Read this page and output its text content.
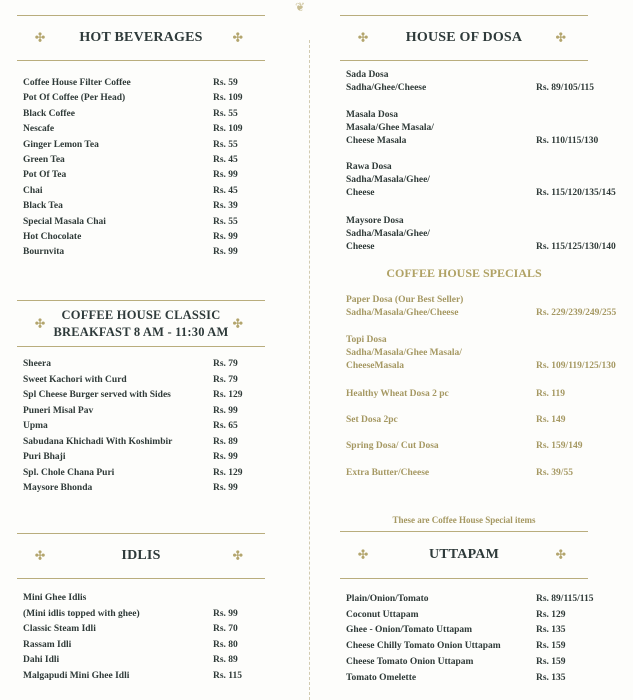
❦
✣ HOT BEVERAGES	✣
Coffee House Filter Coffee	Rs. 59
Pot Of Coffee (Per Head)	Rs. 109
Black Coffee	Rs. 55
Nescafe	Rs. 109
Ginger Lemon Tea	Rs. 55
Green Tea	Rs. 45
Pot Of Tea	Rs. 99
Chai	Rs. 45
Black Tea	Rs. 39
Special Masala Chai	Rs. 55
Hot Chocolate	Rs. 99
Bournvita	Rs. 99
✣
COFFEE HOUSE CLASSIC
BREAKFAST 8 AM - 11:30 AM
✣
Sheera	Rs. 79
Sweet Kachori with Curd	Rs. 79
Spl Cheese Burger served with Sides	Rs. 129
Puneri Misal Pav	Rs. 99
Upma	Rs. 65
Sabudana Khichadi With Koshimbir	Rs. 89
Puri Bhaji	Rs. 99
Spl. Chole Chana Puri	Rs. 129
Maysore Bhonda	Rs. 99
✣	IDLIS	✣
Mini Ghee Idlis
(Mini idlis topped with ghee)	Rs. 99
Classic Steam Idli	Rs. 70
Rassam Idli	Rs. 80
Dahi Idli	Rs. 89
Malgapudi Mini Ghee Idli	Rs. 115
✣	HOUSE OF DOSA	✣
Sada Dosa
Sadha/Ghee/Cheese	Rs. 89/105/115
Masala Dosa
Masala/Ghee Masala/
Cheese Masala	Rs. 110/115/130
Rawa Dosa
Sadha/Masala/Ghee/
Cheese	Rs. 115/120/135/145
Maysore Dosa
Sadha/Masala/Ghee/
Cheese	Rs. 115/125/130/140
COFFEE HOUSE SPECIALS
Paper Dosa (Our Best Seller)
Sadha/Masala/Ghee/Cheese	Rs. 229/239/249/255
Topi Dosa
Sadha/Masala/Ghee Masala/
CheeseMasala	Rs. 109/119/125/130
Healthy Wheat Dosa 2 pc	Rs. 119
Set Dosa 2pc	Rs. 149
Spring Dosa/ Cut Dosa	Rs. 159/149
Extra Butter/Cheese	Rs. 39/55
These are Coffee House Special items
✣	UTTAPAM	✣
Plain/Onion/Tomato	Rs. 89/115/115
Coconut Uttapam	Rs. 129
Ghee - Onion/Tomato Uttapam	Rs. 135
Cheese Chilly Tomato Onion Uttapam	Rs. 159
Cheese Tomato Onion Uttapam	Rs. 159
Tomato Omelette	Rs. 135
